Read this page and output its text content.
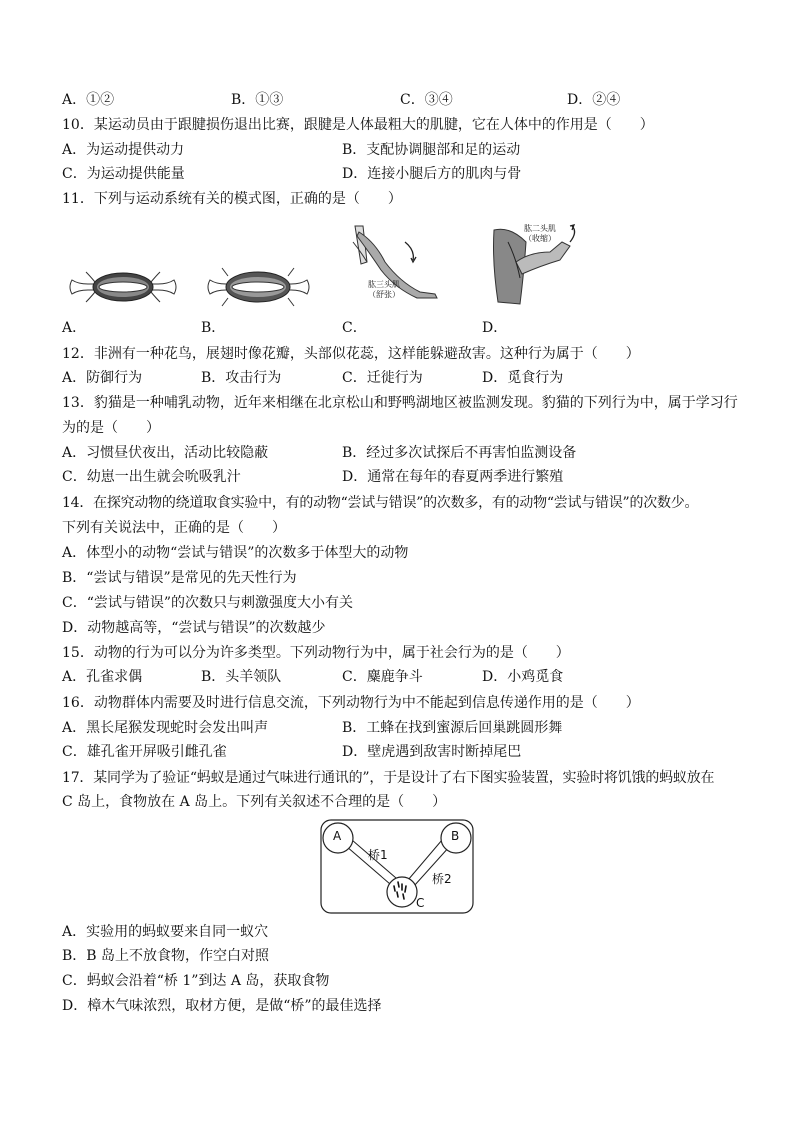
A．①②	B．①③	C．③④	D．②④
10．某运动员由于跟腱损伤退出比赛，跟腱是人体最粗大的肌腱，它在人体中的作用是（　　）
A．为运动提供动力	B．支配协调腿部和足的运动
C．为运动提供能量	D．连接小腿后方的肌肉与骨
11．下列与运动系统有关的模式图，正确的是（　　）
肱三头肌
（舒张）
肱二头肌
（收缩）
A．	B．	C．	D．
12．非洲有一种花鸟，展翅时像花瓣，头部似花蕊，这样能躲避敌害。这种行为属于（　　）
A．防御行为	B．攻击行为	C．迁徙行为	D．觅食行为
13．豹猫是一种哺乳动物，近年来相继在北京松山和野鸭湖地区被监测发现。豹猫的下列行为中，属于学习行
为的是（　　）
A．习惯昼伏夜出，活动比较隐蔽	B．经过多次试探后不再害怕监测设备
C．幼崽一出生就会吮吸乳汁	D．通常在每年的春夏两季进行繁殖
14．在探究动物的绕道取食实验中，有的动物“尝试与错误”的次数多，有的动物“尝试与错误”的次数少。
下列有关说法中，正确的是（　　）
A．体型小的动物“尝试与错误”的次数多于体型大的动物
B．“尝试与错误”是常见的先天性行为
C．“尝试与错误”的次数只与刺激强度大小有关
D．动物越高等，“尝试与错误”的次数越少
15．动物的行为可以分为许多类型。下列动物行为中，属于社会行为的是（　　）
A．孔雀求偶	B．头羊领队	C．麋鹿争斗	D．小鸡觅食
16．动物群体内需要及时进行信息交流，下列动物行为中不能起到信息传递作用的是（　　）
A．黑长尾猴发现蛇时会发出叫声	B．工蜂在找到蜜源后回巢跳圆形舞
C．雄孔雀开屏吸引雌孔雀	D．壁虎遇到敌害时断掉尾巴
17．某同学为了验证“蚂蚁是通过气味进行通讯的”，于是设计了右下图实验装置，实验时将饥饿的蚂蚁放在
C 岛上，食物放在 A 岛上。下列有关叙述不合理的是（　　）
A	B
C
桥1
桥2
A．实验用的蚂蚁要来自同一蚁穴
B．B 岛上不放食物，作空白对照
C．蚂蚁会沿着“桥 1”到达 A 岛，获取食物
D．樟木气味浓烈，取材方便，是做“桥”的最佳选择
